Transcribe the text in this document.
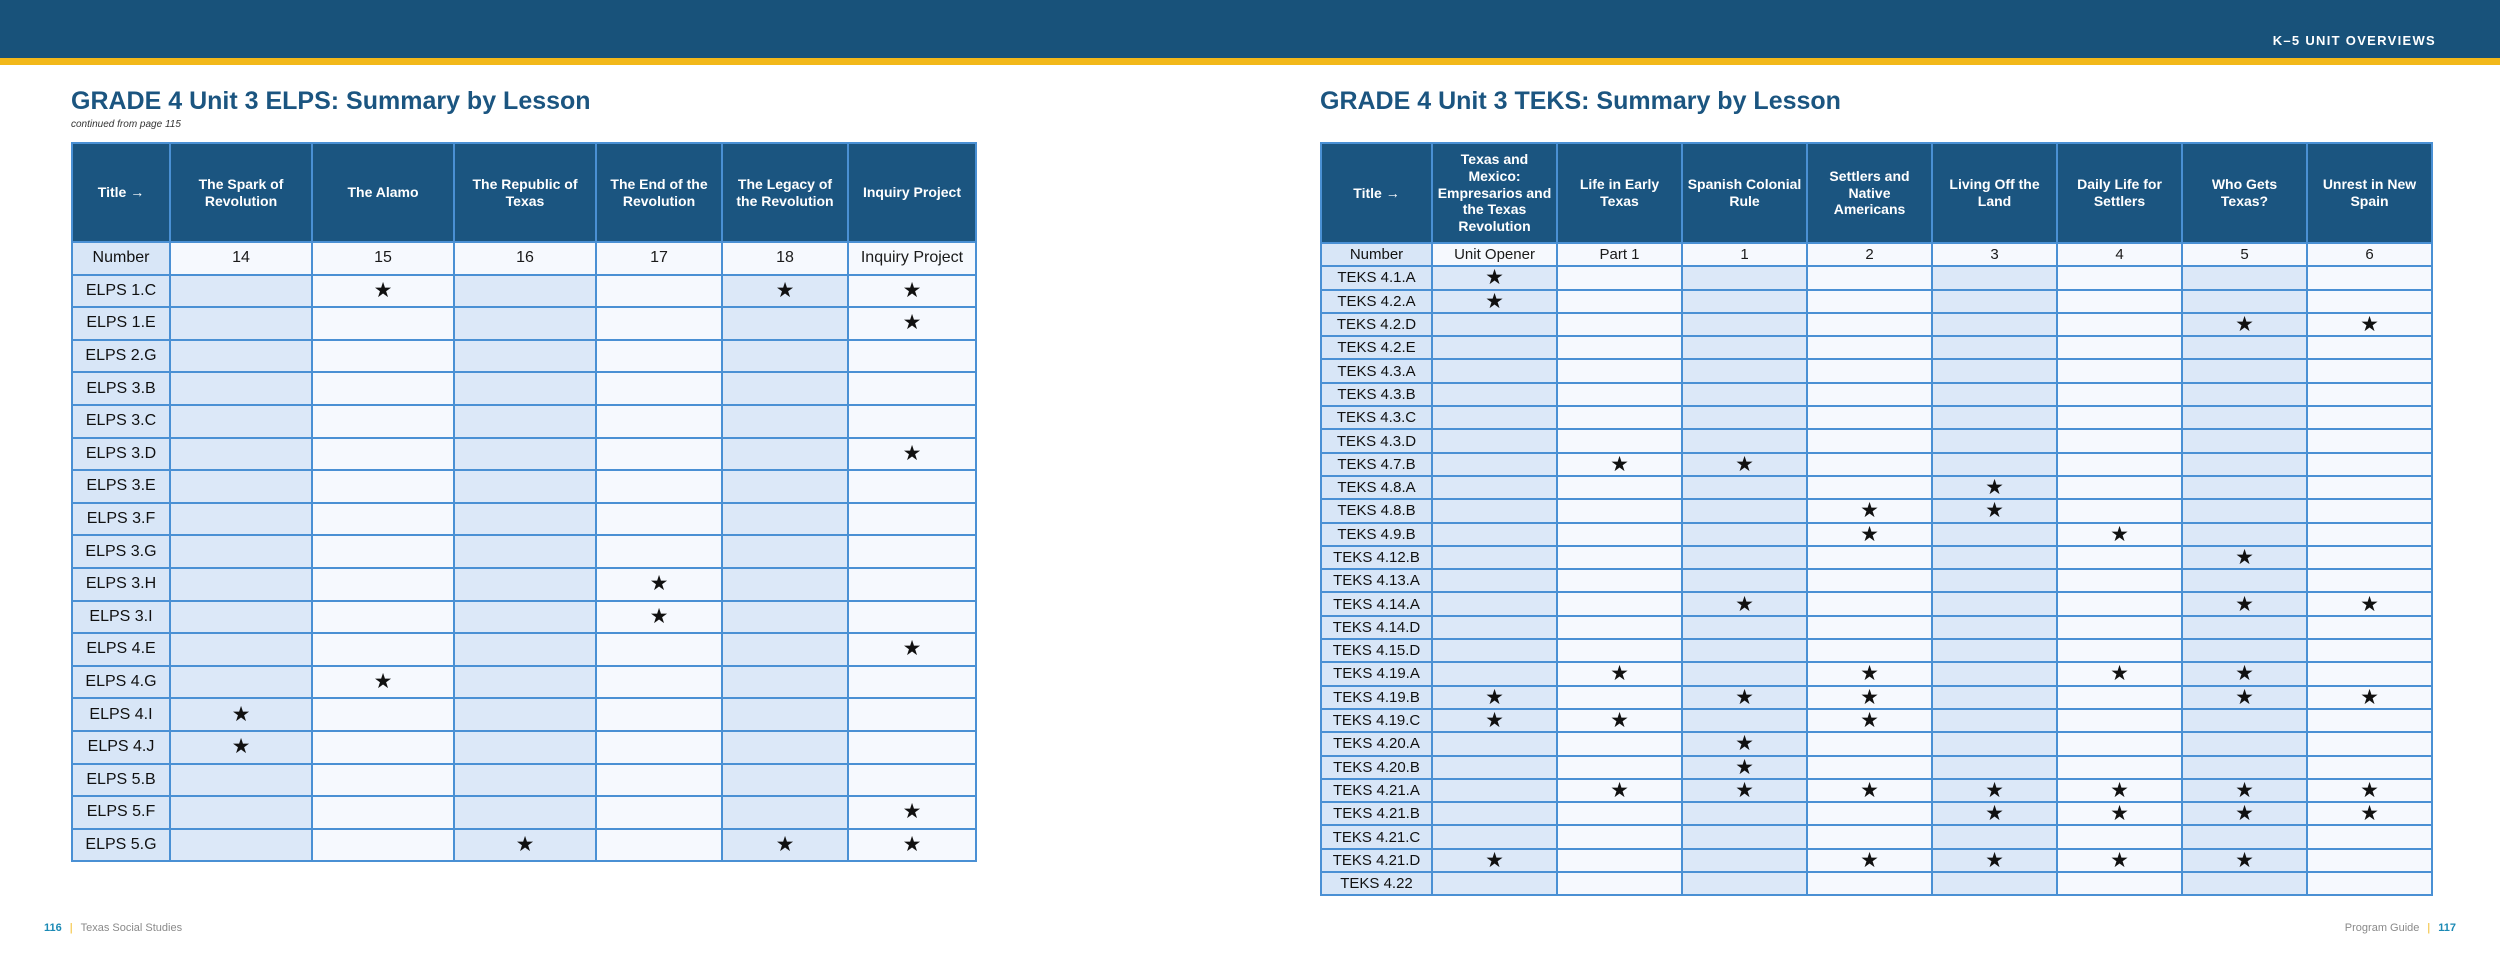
K–5 UNIT OVERVIEWS
GRADE 4 Unit 3 ELPS: Summary by Lesson
continued from page 115
Title →	The Spark of Revolution	The Alamo	The Republic of Texas	The End of the Revolution	The Legacy of the Revolution	Inquiry Project
Number	14	15	16	17	18	Inquiry Project
ELPS 1.C		★			★	★
ELPS 1.E						★
ELPS 2.G						
ELPS 3.B						
ELPS 3.C						
ELPS 3.D						★
ELPS 3.E						
ELPS 3.F						
ELPS 3.G						
ELPS 3.H				★		
ELPS 3.I				★		
ELPS 4.E						★
ELPS 4.G		★				
ELPS 4.I	★					
ELPS 4.J	★					
ELPS 5.B						
ELPS 5.F						★
ELPS 5.G			★		★	★
GRADE 4 Unit 3 TEKS: Summary by Lesson
Title →	Texas and Mexico: Empresarios and the Texas Revolution	Life in Early Texas	Spanish Colonial Rule	Settlers and Native Americans	Living Off the Land	Daily Life for Settlers	Who Gets Texas?	Unrest in New Spain
Number	Unit Opener	Part 1	1	2	3	4	5	6
TEKS 4.1.A	★							
TEKS 4.2.A	★							
TEKS 4.2.D							★	★
TEKS 4.2.E								
TEKS 4.3.A								
TEKS 4.3.B								
TEKS 4.3.C								
TEKS 4.3.D								
TEKS 4.7.B		★	★					
TEKS 4.8.A					★			
TEKS 4.8.B				★	★			
TEKS 4.9.B				★		★		
TEKS 4.12.B							★	
TEKS 4.13.A								
TEKS 4.14.A			★				★	★
TEKS 4.14.D								
TEKS 4.15.D								
TEKS 4.19.A		★		★		★	★	
TEKS 4.19.B	★		★	★			★	★
TEKS 4.19.C	★	★		★				
TEKS 4.20.A			★					
TEKS 4.20.B			★					
TEKS 4.21.A		★	★	★	★	★	★	★
TEKS 4.21.B					★	★	★	★
TEKS 4.21.C								
TEKS 4.21.D	★			★	★	★	★	
TEKS 4.22								
116 | Texas Social Studies	Program Guide | 117
